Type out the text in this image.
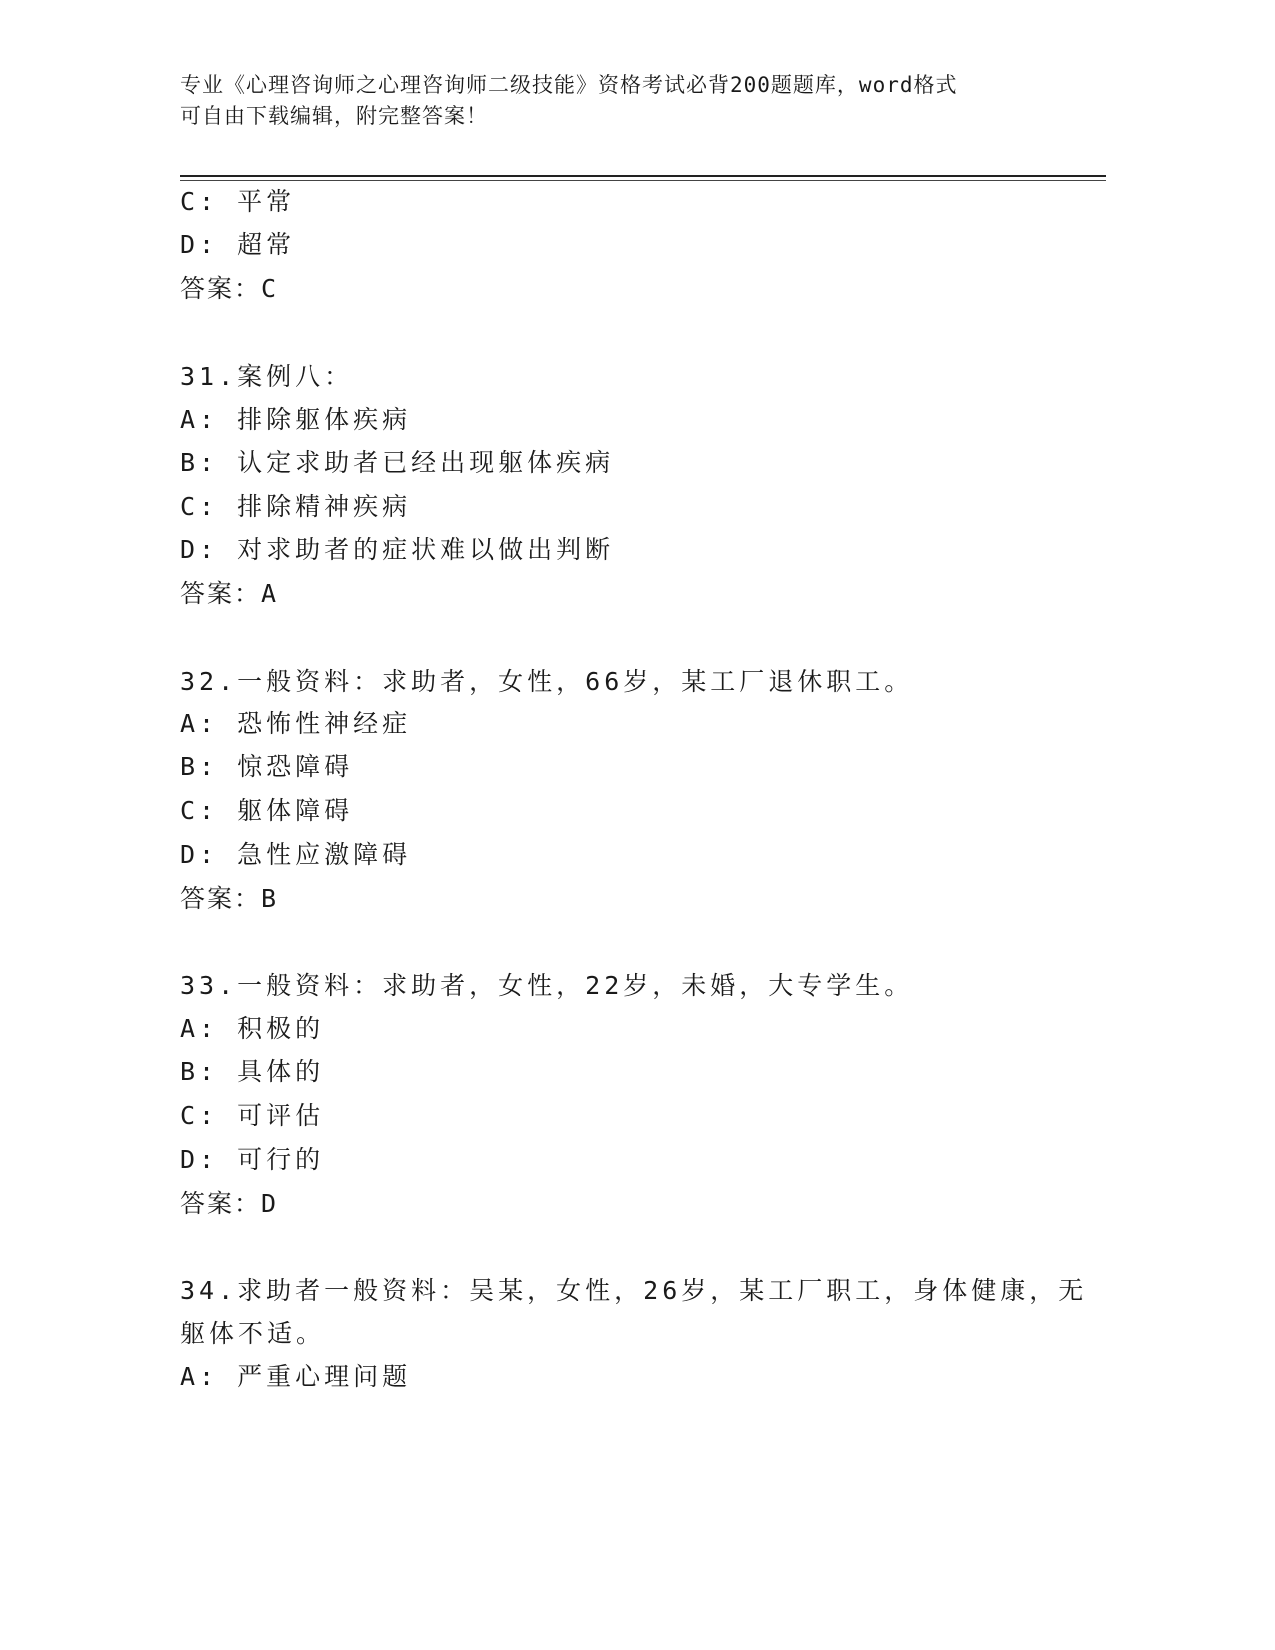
专业《心理咨询师之心理咨询师二级技能》资格考试必背200题题库，word格式
可自由下载编辑，附完整答案！
C: 平常
D: 超常
答案：C
31.案例八：
A: 排除躯体疾病
B: 认定求助者已经出现躯体疾病
C: 排除精神疾病
D: 对求助者的症状难以做出判断
答案：A
32.一般资料：求助者，女性，66岁，某工厂退休职工。
A: 恐怖性神经症
B: 惊恐障碍
C: 躯体障碍
D: 急性应激障碍
答案：B
33.一般资料：求助者，女性，22岁，未婚，大专学生。
A: 积极的
B: 具体的
C: 可评估
D: 可行的
答案：D
34.求助者一般资料：吴某，女性，26岁，某工厂职工，身体健康，无
躯体不适。
A: 严重心理问题
